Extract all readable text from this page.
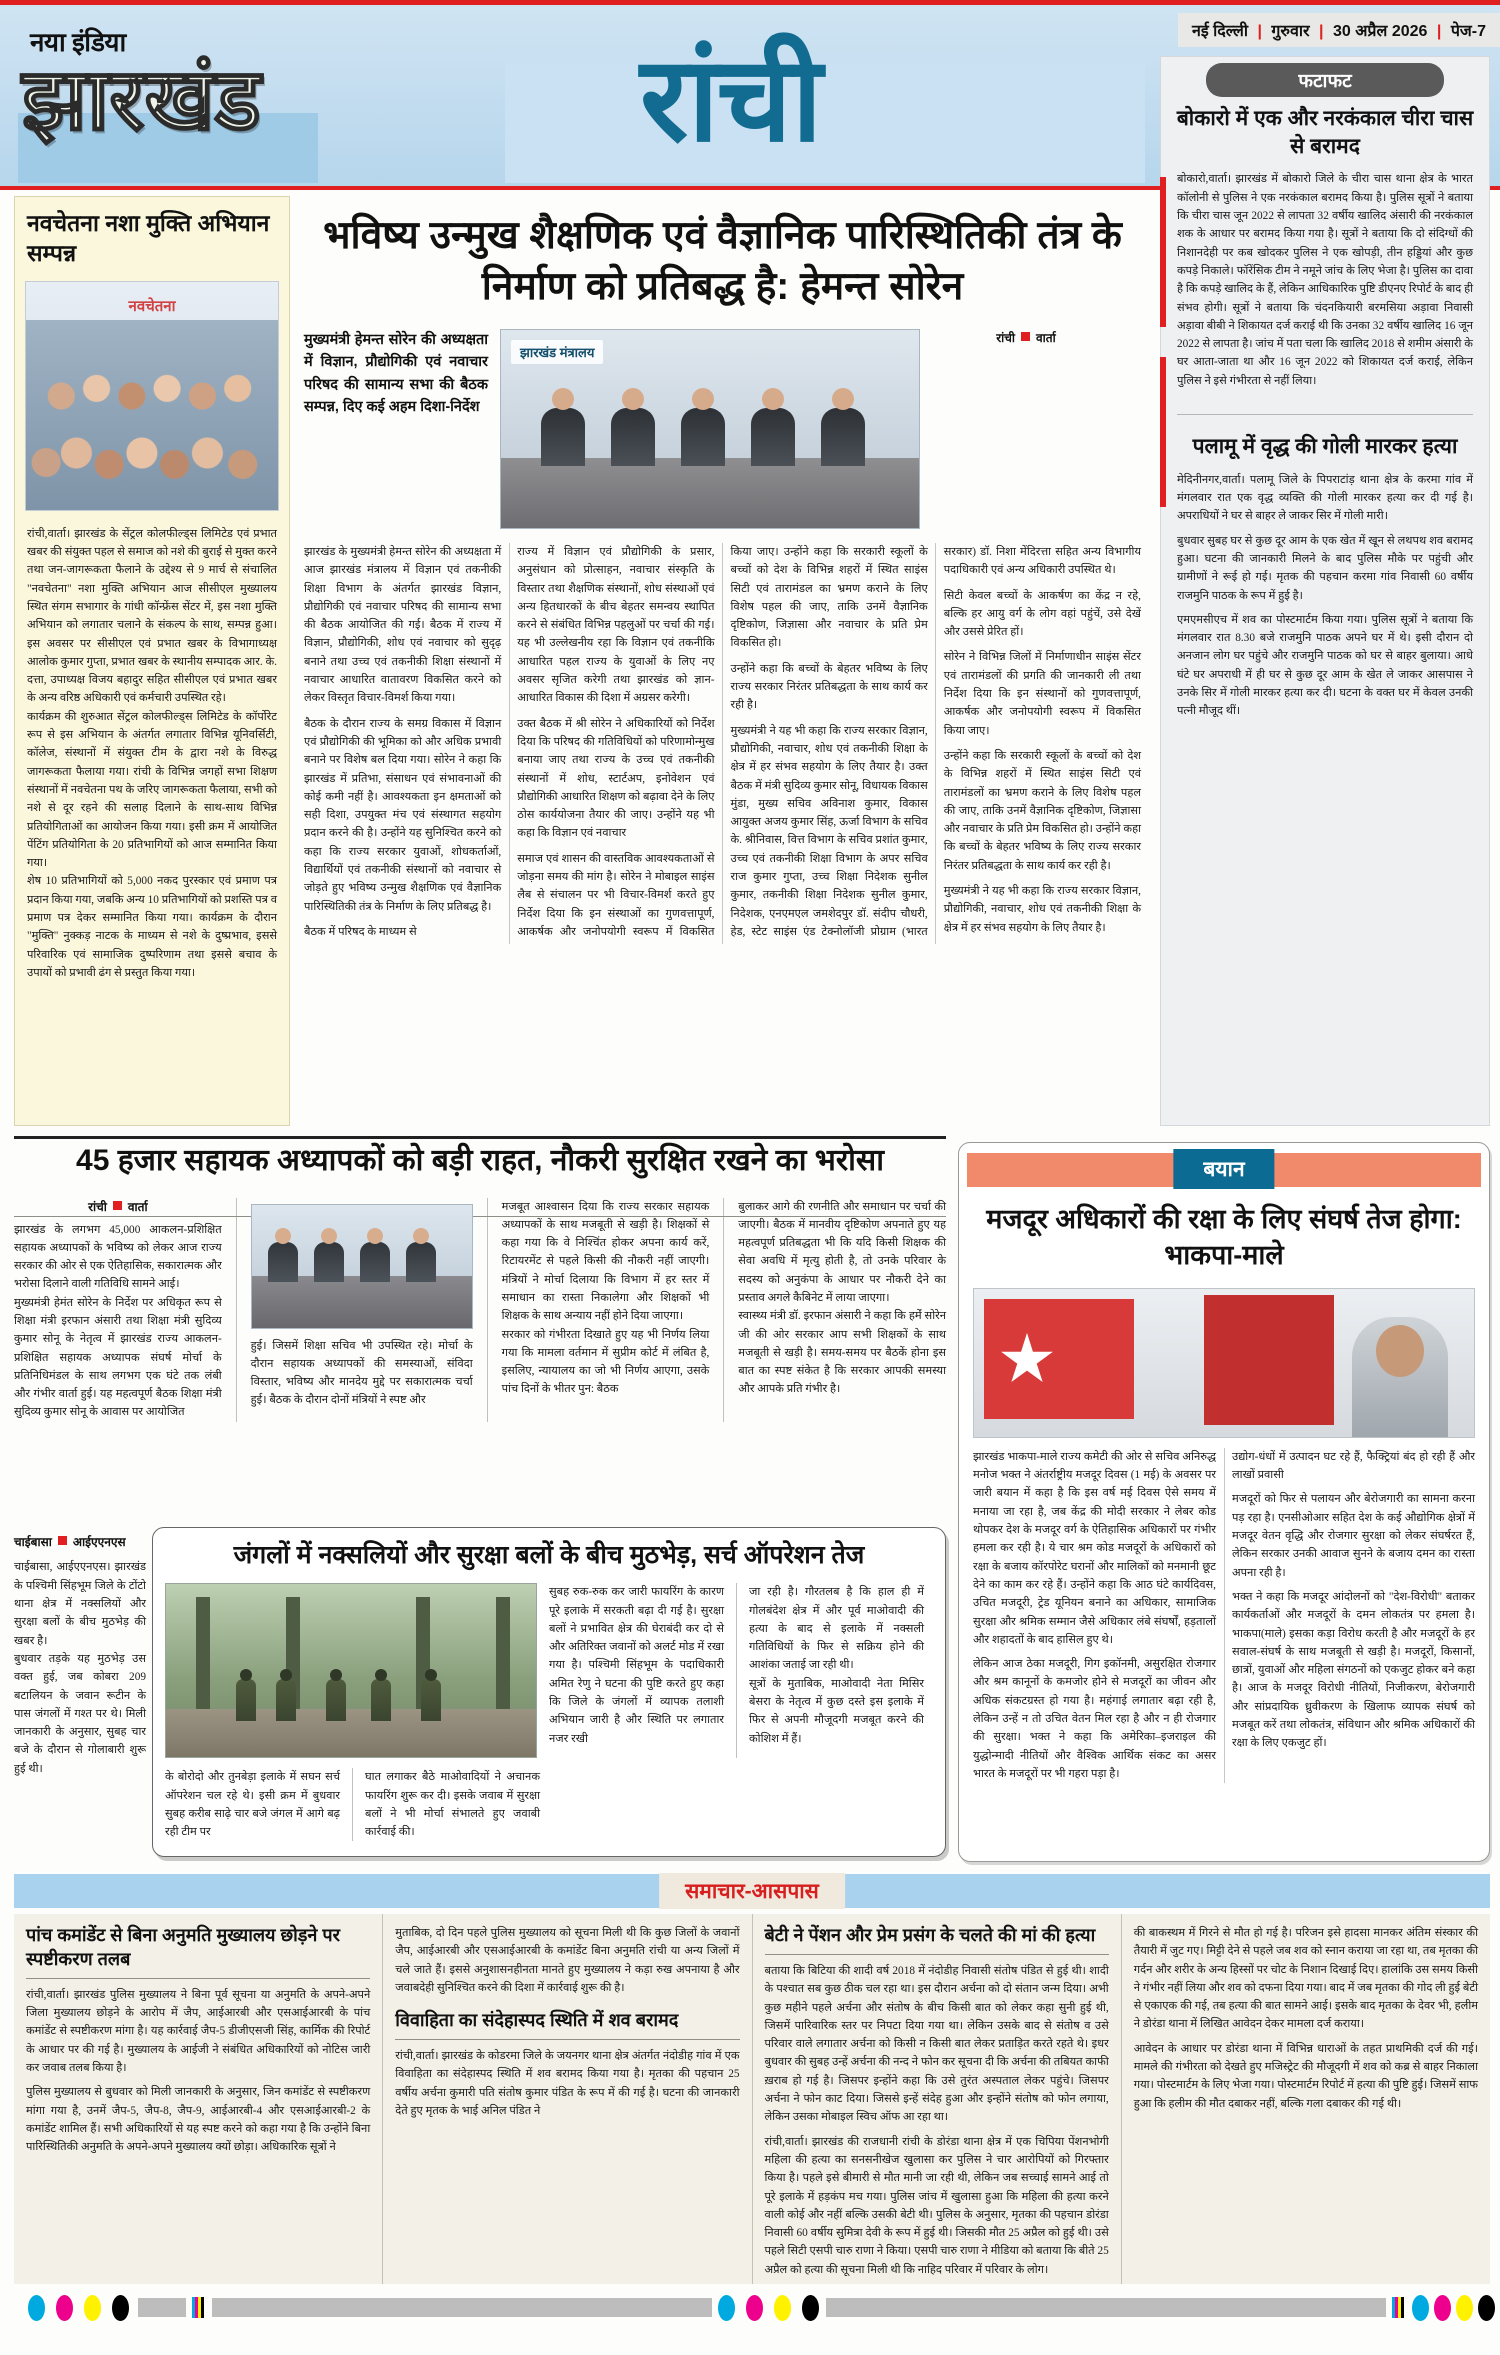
नया इंडिया
झारखंड	रांची
नई दिल्ली | गुरुवार | 30 अप्रैल 2026 | पेज-7
नवचेतना नशा मुक्ति अभियान सम्पन्न
नवचेतना

रांची,वार्ता। झारखंड के सेंट्रल कोलफील्ड्स लिमिटेड एवं प्रभात खबर की संयुक्त पहल से समाज को नशे की बुराई से मुक्त करने तथा जन-जागरूकता फैलाने के उद्देश्य से 9 मार्च से संचालित "नवचेतना" नशा मुक्ति अभियान आज सीसीएल मुख्यालय स्थित संगम सभागार के गांधी कॉन्फ्रेंस सेंटर में, इस नशा मुक्ति अभियान को लगातार चलाने के संकल्प के साथ, सम्पन्न हुआ। इस अवसर पर सीसीएल एवं प्रभात खबर के विभागाध्यक्ष आलोक कुमार गुप्ता, प्रभात खबर के स्थानीय सम्पादक आर. के. दत्ता, उपाध्यक्ष विजय बहादुर सहित सीसीएल एवं प्रभात खबर के अन्य वरिष्ठ अधिकारी एवं कर्मचारी उपस्थित रहे।

कार्यक्रम की शुरुआत सेंट्रल कोलफील्ड्स लिमिटेड के कॉर्पोरेट रूप से इस अभियान के अंतर्गत लगातार विभिन्न यूनिवर्सिटी, कॉलेज, संस्थानों में संयुक्त टीम के द्वारा नशे के विरुद्ध जागरूकता फैलाया गया। रांची के विभिन्न जगहों सभा शिक्षण संस्थानों में नवचेतना पथ के जरिए जागरूकता फैलाया, सभी को नशे से दूर रहने की सलाह दिलाने के साथ-साथ विभिन्न प्रतियोगिताओं का आयोजन किया गया। इसी क्रम में आयोजित पेंटिंग प्रतियोगिता के 20 प्रतिभागियों को आज सम्मानित किया गया।

शेष 10 प्रतिभागियों को 5,000 नकद पुरस्कार एवं प्रमाण पत्र प्रदान किया गया, जबकि अन्य 10 प्रतिभागियों को प्रशस्ति पत्र व प्रमाण पत्र देकर सम्मानित किया गया। कार्यक्रम के दौरान "मुक्ति" नुक्कड़ नाटक के माध्यम से नशे के दुष्प्रभाव, इससे परिवारिक एवं सामाजिक दुष्परिणाम तथा इससे बचाव के उपायों को प्रभावी ढंग से प्रस्तुत किया गया।

भविष्य उन्मुख शैक्षणिक एवं वैज्ञानिक पारिस्थितिकी तंत्र के निर्माण को प्रतिबद्ध है: हेमन्त सोरेन
मुख्यमंत्री हेमन्त सोरेन की अध्यक्षता में विज्ञान, प्रौद्योगिकी एवं नवाचार परिषद की सामान्य सभा की बैठक सम्पन्न, दिए कई अहम दिशा-निर्देश
झारखंड मंत्रालय
रांची वार्ता

झारखंड के मुख्यमंत्री हेमन्त सोरेन की अध्यक्षता में आज झारखंड मंत्रालय में विज्ञान एवं तकनीकी शिक्षा विभाग के अंतर्गत झारखंड विज्ञान, प्रौद्योगिकी एवं नवाचार परिषद की सामान्य सभा की बैठक आयोजित की गई। बैठक में राज्य में विज्ञान, प्रौद्योगिकी, शोध एवं नवाचार को सुदृढ़ बनाने तथा उच्च एवं तकनीकी शिक्षा संस्थानों में नवाचार आधारित वातावरण विकसित करने को लेकर विस्तृत विचार-विमर्श किया गया।

बैठक के दौरान राज्य के समग्र विकास में विज्ञान एवं प्रौद्योगिकी की भूमिका को और अधिक प्रभावी बनाने पर विशेष बल दिया गया। सोरेन ने कहा कि झारखंड में प्रतिभा, संसाधन एवं संभावनाओं की कोई कमी नहीं है। आवश्यकता इन क्षमताओं को सही दिशा, उपयुक्त मंच एवं संस्थागत सहयोग प्रदान करने की है। उन्होंने यह सुनिश्चित करने को कहा कि राज्य सरकार युवाओं, शोधकर्ताओं, विद्यार्थियों एवं तकनीकी संस्थानों को नवाचार से जोड़ते हुए भविष्य उन्मुख शैक्षणिक एवं वैज्ञानिक पारिस्थितिकी तंत्र के निर्माण के लिए प्रतिबद्ध है।

बैठक में परिषद के माध्यम से

राज्य में विज्ञान एवं प्रौद्योगिकी के प्रसार, अनुसंधान को प्रोत्साहन, नवाचार संस्कृति के विस्तार तथा शैक्षणिक संस्थानों, शोध संस्थाओं एवं अन्य हितधारकों के बीच बेहतर समन्वय स्थापित करने से संबंधित विभिन्न पहलुओं पर चर्चा की गई। यह भी उल्लेखनीय रहा कि विज्ञान एवं तकनीकि आधारित पहल राज्य के युवाओं के लिए नए अवसर सृजित करेगी तथा झारखंड को ज्ञान-आधारित विकास की दिशा में अग्रसर करेगी।

उक्त बैठक में श्री सोरेन ने अधिकारियों को निर्देश दिया कि परिषद की गतिविधियों को परिणामोन्मुख बनाया जाए तथा राज्य के उच्च एवं तकनीकी संस्थानों में शोध, स्टार्टअप, इनोवेशन एवं प्रौद्योगिकी आधारित शिक्षण को बढ़ावा देने के लिए ठोस कार्ययोजना तैयार की जाए। उन्होंने यह भी कहा कि विज्ञान एवं नवाचार

समाज एवं शासन की वास्तविक आवश्यकताओं से जोड़ना समय की मांग है। सोरेन ने मोबाइल साइंस लैब से संचालन पर भी विचार-विमर्श करते हुए निर्देश दिया कि इन संस्थाओं का गुणवत्तापूर्ण, आकर्षक और जनोपयोगी स्वरूप में विकसित किया जाए। उन्होंने कहा कि सरकारी स्कूलों के बच्चों को देश के विभिन्न शहरों में स्थित साइंस सिटी एवं तारामंडल का भ्रमण कराने के लिए विशेष पहल की जाए, ताकि उनमें वैज्ञानिक दृष्टिकोण, जिज्ञासा और नवाचार के प्रति प्रेम विकसित हो।

उन्होंने कहा कि बच्चों के बेहतर भविष्य के लिए राज्य सरकार निरंतर प्रतिबद्धता के साथ कार्य कर रही है।

मुख्यमंत्री ने यह भी कहा कि राज्य सरकार विज्ञान, प्रौद्योगिकी, नवाचार, शोध एवं तकनीकी शिक्षा के क्षेत्र में हर संभव सहयोग के लिए तैयार है। उक्त बैठक में मंत्री सुदिव्य कुमार सोनू, विधायक विकास मुंडा, मुख्य सचिव अविनाश कुमार, विकास आयुक्त अजय कुमार सिंह, ऊर्जा विभाग के सचिव के. श्रीनिवास, वित्त विभाग के सचिव प्रशांत कुमार, उच्च एवं तकनीकी शिक्षा विभाग के अपर सचिव राज कुमार गुप्ता, उच्च शिक्षा निदेशक सुनील कुमार, तकनीकी शिक्षा निदेशक सुनील कुमार, निदेशक, एनएमएल जमशेदपुर डॉ. संदीप चौधरी, हेड, स्टेट साइंस एंड टेक्नोलॉजी प्रोग्राम (भारत सरकार) डॉ. निशा मेंदिरत्ता सहित अन्य विभागीय पदाधिकारी एवं अन्य अधिकारी उपस्थित थे।

सिटी केवल बच्चों के आकर्षण का केंद्र न रहे, बल्कि हर आयु वर्ग के लोग वहां पहुंचें, उसे देखें और उससे प्रेरित हों।

सोरेन ने विभिन्न जिलों में निर्माणाधीन साइंस सेंटर एवं तारामंडलों की प्रगति की जानकारी ली तथा निर्देश दिया कि इन संस्थानों को गुणवत्तापूर्ण, आकर्षक और जनोपयोगी स्वरूप में विकसित किया जाए।

उन्होंने कहा कि सरकारी स्कूलों के बच्चों को देश के विभिन्न शहरों में स्थित साइंस सिटी एवं तारामंडलों का भ्रमण कराने के लिए विशेष पहल की जाए, ताकि उनमें वैज्ञानिक दृष्टिकोण, जिज्ञासा और नवाचार के प्रति प्रेम विकसित हो। उन्होंने कहा कि बच्चों के बेहतर भविष्य के लिए राज्य सरकार निरंतर प्रतिबद्धता के साथ कार्य कर रही है।

मुख्यमंत्री ने यह भी कहा कि राज्य सरकार विज्ञान, प्रौद्योगिकी, नवाचार, शोध एवं तकनीकी शिक्षा के क्षेत्र में हर संभव सहयोग के लिए तैयार है।

फटाफट
बोकारो में एक और नरकंकाल चीरा चास से बरामद

बोकारो,वार्ता। झारखंड में बोकारो जिले के चीरा चास थाना क्षेत्र के भारत कॉलोनी से पुलिस ने एक नरकंकाल बरामद किया है। पुलिस सूत्रों ने बताया कि चीरा चास जून 2022 से लापता 32 वर्षीय खालिद अंसारी की नरकंकाल शक के आधार पर बरामद किया गया है। सूत्रों ने बताया कि दो संदिग्धों की निशानदेही पर कब खोदकर पुलिस ने एक खोपड़ी, तीन हड्डियां और कुछ कपड़े निकाले। फॉरेंसिक टीम ने नमूने जांच के लिए भेजा है। पुलिस का दावा है कि कपड़े खालिद के हैं, लेकिन आधिकारिक पुष्टि डीएनए रिपोर्ट के बाद ही संभव होगी। सूत्रों ने बताया कि चंदनकियारी बरमसिया अड़ावा निवासी अड़ावा बीबी ने शिकायत दर्ज कराई थी कि उनका 32 वर्षीय खालिद 16 जून 2022 से लापता है। जांच में पता चला कि खालिद 2018 से शमीम अंसारी के घर आता-जाता था और 16 जून 2022 को शिकायत दर्ज कराई, लेकिन पुलिस ने इसे गंभीरता से नहीं लिया।

पलामू में वृद्ध की गोली मारकर हत्या

मेदिनीनगर,वार्ता। पलामू जिले के पिपराटांड़ थाना क्षेत्र के करमा गांव में मंगलवार रात एक वृद्ध व्यक्ति की गोली मारकर हत्या कर दी गई है। अपराधियों ने घर से बाहर ले जाकर सिर में गोली मारी।

बुधवार सुबह घर से कुछ दूर आम के एक खेत में खून से लथपथ शव बरामद हुआ। घटना की जानकारी मिलने के बाद पुलिस मौके पर पहुंची और ग्रामीणों ने रूई हो गई। मृतक की पहचान करमा गांव निवासी 60 वर्षीय राजमुनि पाठक के रूप में हुई है।

एमएमसीएच में शव का पोस्टमार्टम किया गया। पुलिस सूत्रों ने बताया कि मंगलवार रात 8.30 बजे राजमुनि पाठक अपने घर में थे। इसी दौरान दो अनजान लोग घर पहुंचे और राजमुनि पाठक को घर से बाहर बुलाया। आधे घंटे घर अपराधी में ही घर से कुछ दूर आम के खेत ले जाकर आसपास ने उनके सिर में गोली मारकर हत्या कर दी। घटना के वक्त घर में केवल उनकी पत्नी मौजूद थीं।

45 हजार सहायक अध्यापकों को बड़ी राहत, नौकरी सुरक्षित रखने का भरोसा
रांची वार्ता

झारखंड के लगभग 45,000 आकलन-प्रशिक्षित सहायक अध्यापकों के भविष्य को लेकर आज राज्य सरकार की ओर से एक ऐतिहासिक, सकारात्मक और भरोसा दिलाने वाली गतिविधि सामने आई।

मुख्यमंत्री हेमंत सोरेन के निर्देश पर अधिकृत रूप से शिक्षा मंत्री इरफान अंसारी तथा शिक्षा मंत्री सुदिव्य कुमार सोनू के नेतृत्व में झारखंड राज्य आकलन-प्रशिक्षित सहायक अध्यापक संघर्ष मोर्चा के प्रतिनिधिमंडल के साथ लगभग एक घंटे तक लंबी और गंभीर वार्ता हुई। यह महत्वपूर्ण बैठक शिक्षा मंत्री सुदिव्य कुमार सोनू के आवास पर आयोजित

हुई। जिसमें शिक्षा सचिव भी उपस्थित रहे। मोर्चा के दौरान सहायक अध्यापकों की समस्याओं, संविदा विस्तार, भविष्य और मानदेय मुद्दे पर सकारात्मक चर्चा हुई। बैठक के दौरान दोनों मंत्रियों ने स्पष्ट और

मजबूत आश्वासन दिया कि राज्य सरकार सहायक अध्यापकों के साथ मजबूती से खड़ी है। शिक्षकों से कहा गया कि वे निश्चिंत होकर अपना कार्य करें, रिटायरमेंट से पहले किसी की नौकरी नहीं जाएगी। मंत्रियों ने मोर्चा दिलाया कि विभाग में हर स्तर में समाधान का रास्ता निकालेगा और शिक्षकों भी शिक्षक के साथ अन्याय नहीं होने दिया जाएगा।

सरकार को गंभीरता दिखाते हुए यह भी निर्णय लिया गया कि मामला वर्तमान में सुप्रीम कोर्ट में लंबित है, इसलिए, न्यायालय का जो भी निर्णय आएगा, उसके पांच दिनों के भीतर पुन: बैठक

बुलाकर आगे की रणनीति और समाधान पर चर्चा की जाएगी। बैठक में मानवीय दृष्टिकोण अपनाते हुए यह महत्वपूर्ण प्रतिबद्धता भी कि यदि किसी शिक्षक की सेवा अवधि में मृत्यु होती है, तो उनके परिवार के सदस्य को अनुकंपा के आधार पर नौकरी देने का प्रस्ताव अगले कैबिनेट में लाया जाएगा।

स्वास्थ्य मंत्री डॉ. इरफान अंसारी ने कहा कि हमेंं सोरेन जी की ओर सरकार आप सभी शिक्षकों के साथ मजबूती से खड़ी है। समय-समय पर बैठकें होना इस बात का स्पष्ट संकेत है कि सरकार आपकी समस्या और आपके प्रति गंभीर है।

बयान
मजदूर अधिकारों की रक्षा के लिए संघर्ष तेज होगा: भाकपा-माले

झारखंड भाकपा-माले राज्य कमेटी की ओर से सचिव अनिरुद्ध मनोज भक्त ने अंतर्राष्ट्रीय मजदूर दिवस (1 मई) के अवसर पर जारी बयान में कहा है कि इस वर्ष मई दिवस ऐसे समय में मनाया जा रहा है, जब केंद्र की मोदी सरकार ने लेबर कोड थोपकर देश के मजदूर वर्ग के ऐतिहासिक अधिकारों पर गंभीर हमला कर रही है। ये चार श्रम कोड मजदूरों के अधिकारों को रक्षा के बजाय कॉरपोरेट घरानों और मालिकों को मनमानी छूट देने का काम कर रहे हैं। उन्होंने कहा कि आठ घंटे कार्यदिवस, उचित मजदूरी, ट्रेड यूनियन बनाने का अधिकार, सामाजिक सुरक्षा और श्रमिक सम्मान जैसे अधिकार लंबे संघर्षों, हड़तालों और शहादतों के बाद हासिल हुए थे।

लेकिन आज ठेका मजदूरी, गिग इकॉनमी, असुरक्षित रोजगार और श्रम कानूनों के कमजोर होने से मजदूरों का जीवन और अधिक संकटग्रस्त हो गया है। महंगाई लगातार बढ़ा रही है, लेकिन उन्हें न तो उचित वेतन मिल रहा है और न ही रोजगार की सुरक्षा। भक्त ने कहा कि अमेरिका–इजराइल की युद्धोन्मादी नीतियों और वैश्विक आर्थिक संकट का असर भारत के मजदूरों पर भी गहरा पड़ा है।

उद्योग-धंधों में उत्पादन घट रहे हैं, फैक्ट्रियां बंद हो रही हैं और लाखों प्रवासी

मजदूरों को फिर से पलायन और बेरोजगारी का सामना करना पड़ रहा है। एनसीओआर सहित देश के कई औद्योगिक क्षेत्रों में मजदूर वेतन वृद्धि और रोजगार सुरक्षा को लेकर संघर्षरत हैं, लेकिन सरकार उनकी आवाज सुनने के बजाय दमन का रास्ता अपना रही है।

भक्त ने कहा कि मजदूर आंदोलनों को "देश-विरोधी" बताकर कार्यकर्ताओं और मजदूरों के दमन लोकतंत्र पर हमला है। भाकपा(माले) इसका कड़ा विरोध करती है और मजदूरों के हर सवाल-संघर्ष के साथ मजबूती से खड़ी है। मजदूरों, किसानों, छात्रों, युवाओं और महिला संगठनों को एकजुट होकर बने कहा है। आज के मजदूर विरोधी नीतियों, निजीकरण, बेरोजगारी और सांप्रदायिक ध्रुवीकरण के खिलाफ व्यापक संघर्ष को मजबूत करें तथा लोकतंत्र, संविधान और श्रमिक अधिकारों की रक्षा के लिए एकजुट हों।

चाईबासा आईएएनएस

चाईबासा, आईएएनएस। झारखंड के पश्चिमी सिंहभूम जिले के टोंटो थाना क्षेत्र में नक्सलियों और सुरक्षा बलों के बीच मुठभेड़ की खबर है।

बुधवार तड़के यह मुठभेड़ उस वक्त हुई, जब कोबरा 209 बटालियन के जवान रूटीन के पास जंगलों में गश्त पर थे। मिली जानकारी के अनुसार, सुबह चार बजे के दौरान से गोलाबारी शुरू हुई थी।

जंगलों में नक्सलियों और सुरक्षा बलों के बीच मुठभेड़, सर्च ऑपरेशन तेज

सुबह रुक-रुक कर जारी फायरिंग के कारण पूरे इलाके में सरकती बढ़ा दी गई है। सुरक्षा बलों ने प्रभावित क्षेत्र की घेराबंदी कर दो से और अतिरिक्त जवानों को अलर्ट मोड में रखा गया है। पश्चिमी सिंहभूम के पदाधिकारी अमित रेणु ने घटना की पुष्टि करते हुए कहा कि जिले के जंगलों में व्यापक तलाशी अभियान जारी है और स्थिति पर लगातार नजर रखी

जा रही है। गौरतलब है कि हाल ही में गोलबंदेश क्षेत्र में और पूर्व माओवादी की हत्या के बाद से इलाके में नक्सली गतिविधियों के फिर से सक्रिय होने की आशंका जताई जा रही थी।

सूत्रों के मुताबिक, माओवादी नेता मिसिर बेसरा के नेतृत्व में कुछ दस्ते इस इलाके में फिर से अपनी मौजूदगी मजबूत करने की कोशिश में हैं।

के बोरोदो और तुनबेड़ा इलाके में सघन सर्च ऑपरेशन चल रहे थे। इसी क्रम में बुधवार सुबह करीब साढ़े चार बजे जंगल में आगे बढ़ रही टीम पर

घात लगाकर बैठे माओवादियों ने अचानक फायरिंग शुरू कर दी। इसके जवाब में सुरक्षा बलों ने भी मोर्चा संभालते हुए जवाबी कार्रवाई की।

समाचार-आसपास
पांच कमांडेंट से बिना अनुमति मुख्यालय छोड़ने पर स्पष्टीकरण तलब

रांची,वार्ता। झारखंड पुलिस मुख्यालय ने बिना पूर्व सूचना या अनुमति के अपने-अपने जिला मुख्यालय छोड़ने के आरोप में जैप, आईआरबी और एसआईआरबी के पांच कमांडेंट से स्पष्टीकरण मांगा है। यह कार्रवाई जैप-5 डीजीएसजी सिंह, कार्मिक की रिपोर्ट के आधार पर की गई है। मुख्यालय के आईजी ने संबंधित अधिकारियों को नोटिस जारी कर जवाब तलब किया है।

पुलिस मुख्यालय से बुधवार को मिली जानकारी के अनुसार, जिन कमांडेंट से स्पष्टीकरण मांगा गया है, उनमें जैप-5, जैप-8, जैप-9, आईआरबी-4 और एसआईआरबी-2 के कमांडेंट शामिल हैं। सभी अधिकारियों से यह स्पष्ट करने को कहा गया है कि उन्होंने बिना पारिस्थितिकी अनुमति के अपने-अपने मुख्यालय क्यों छोड़ा। अधिकारिक सूत्रों ने

मुताबिक, दो दिन पहले पुलिस मुख्यालय को सूचना मिली थी कि कुछ जिलों के जवानों जैप, आईआरबी और एसआईआरबी के कमांडेंट बिना अनुमति रांची या अन्य जिलों में चले जाते हैं। इससे अनुशासनहीनता मानते हुए मुख्यालय ने कड़ा रुख अपनाया है और जवाबदेही सुनिश्चित करने की दिशा में कार्रवाई शुरू की है।

विवाहिता का संदेहास्पद स्थिति में शव बरामद

रांची,वार्ता। झारखंड के कोडरमा जिले के जयनगर थाना क्षेत्र अंतर्गत नंदोडीह गांव में एक विवाहिता का संदेहास्पद स्थिति में शव बरामद किया गया है। मृतका की पहचान 25 वर्षीय अर्चना कुमारी पति संतोष कुमार पंडित के रूप में की गई है। घटना की जानकारी देते हुए मृतक के भाई अनिल पंडित ने

बेटी ने पेंशन और प्रेम प्रसंग के चलते की मां की हत्या

बताया कि बिटिया की शादी वर्ष 2018 में नंदोडीह निवासी संतोष पंडित से हुई थी। शादी के पश्चात सब कुछ ठीक चल रहा था। इस दौरान अर्चना को दो संतान जन्म दिया। अभी कुछ महीने पहले अर्चना और संतोष के बीच किसी बात को लेकर कहा सुनी हुई थी, जिसमें पारिवारिक स्तर पर निपटा दिया गया था। लेकिन उसके बाद से संतोष व उसे परिवार वाले लगातार अर्चना को किसी न किसी बात लेकर प्रताड़ित करते रहते थे। इधर बुधवार की सुबह उन्हें अर्चना की नन्द ने फोन कर सूचना दी कि अर्चना की तबियत काफी ख़राब हो गई है। जिसपर इन्होंने कहा कि उसे तुरंत अस्पताल लेकर पहुंचे। जिसपर अर्चना ने फोन काट दिया। जिससे इन्हें संदेह हुआ और इन्होंने संतोष को फोन लगाया, लेकिन उसका मोबाइल स्विच ऑफ आ रहा था।

रांची,वार्ता। झारखंड की राजधानी रांची के डोरंडा थाना क्षेत्र में एक चिपिया पेंशनभोगी महिला की हत्या का सनसनीखेज खुलासा कर पुलिस ने चार आरोपियों को गिरफ्तार किया है। पहले इसे बीमारी से मौत मानी जा रही थी, लेकिन जब सच्चाई सामने आई तो पूरे इलाके में हड़कंप मच गया। पुलिस जांच में खुलासा हुआ कि महिला की हत्या करने वाली कोई और नहीं बल्कि उसकी बेटी थी। पुलिस के अनुसार, मृतका की पहचान डोरंडा निवासी 60 वर्षीय सुमित्रा देवी के रूप में हुई थी। जिसकी मौत 25 अप्रैल को हुई थी। उसे पहले सिटी एसपी चारु राणा ने किया। एसपी चारु राणा ने मीडिया को बताया कि बीते 25 अप्रैल को हत्या की सूचना मिली थी कि नाहिद परिवार में परिवार के लोग।

की बाकस्थम में गिरने से मौत हो गई है। परिजन इसे हादसा मानकर अंतिम संस्कार की तैयारी में जुट गए। मिट्टी देने से पहले जब शव को स्नान कराया जा रहा था, तब मृतका की गर्दन और शरीर के अन्य हिस्सों पर चोट के निशान दिखाई दिए। हालांकि उस समय किसी ने गंभीर नहीं लिया और शव को दफना दिया गया। बाद में जब मृतका की गोद ली हुई बेटी से एकाएक की गई, तब हत्या की बात सामने आई। इसके बाद मृतका के देवर भी, हलीम ने डोरंडा थाना में लिखित आवेदन देकर मामला दर्ज कराया।

आवेदन के आधार पर डोरंडा थाना में विभिन्न धाराओं के तहत प्राथमिकी दर्ज की गई। मामले की गंभीरता को देखते हुए मजिस्ट्रेट की मौजूदगी में शव को कब्र से बाहर निकाला गया। पोस्टमार्टम के लिए भेजा गया। पोस्टमार्टम रिपोर्ट में हत्या की पुष्टि हुई। जिसमें साफ हुआ कि हलीम की मौत दबाकर नहीं, बल्कि गला दबाकर की गई थी।
